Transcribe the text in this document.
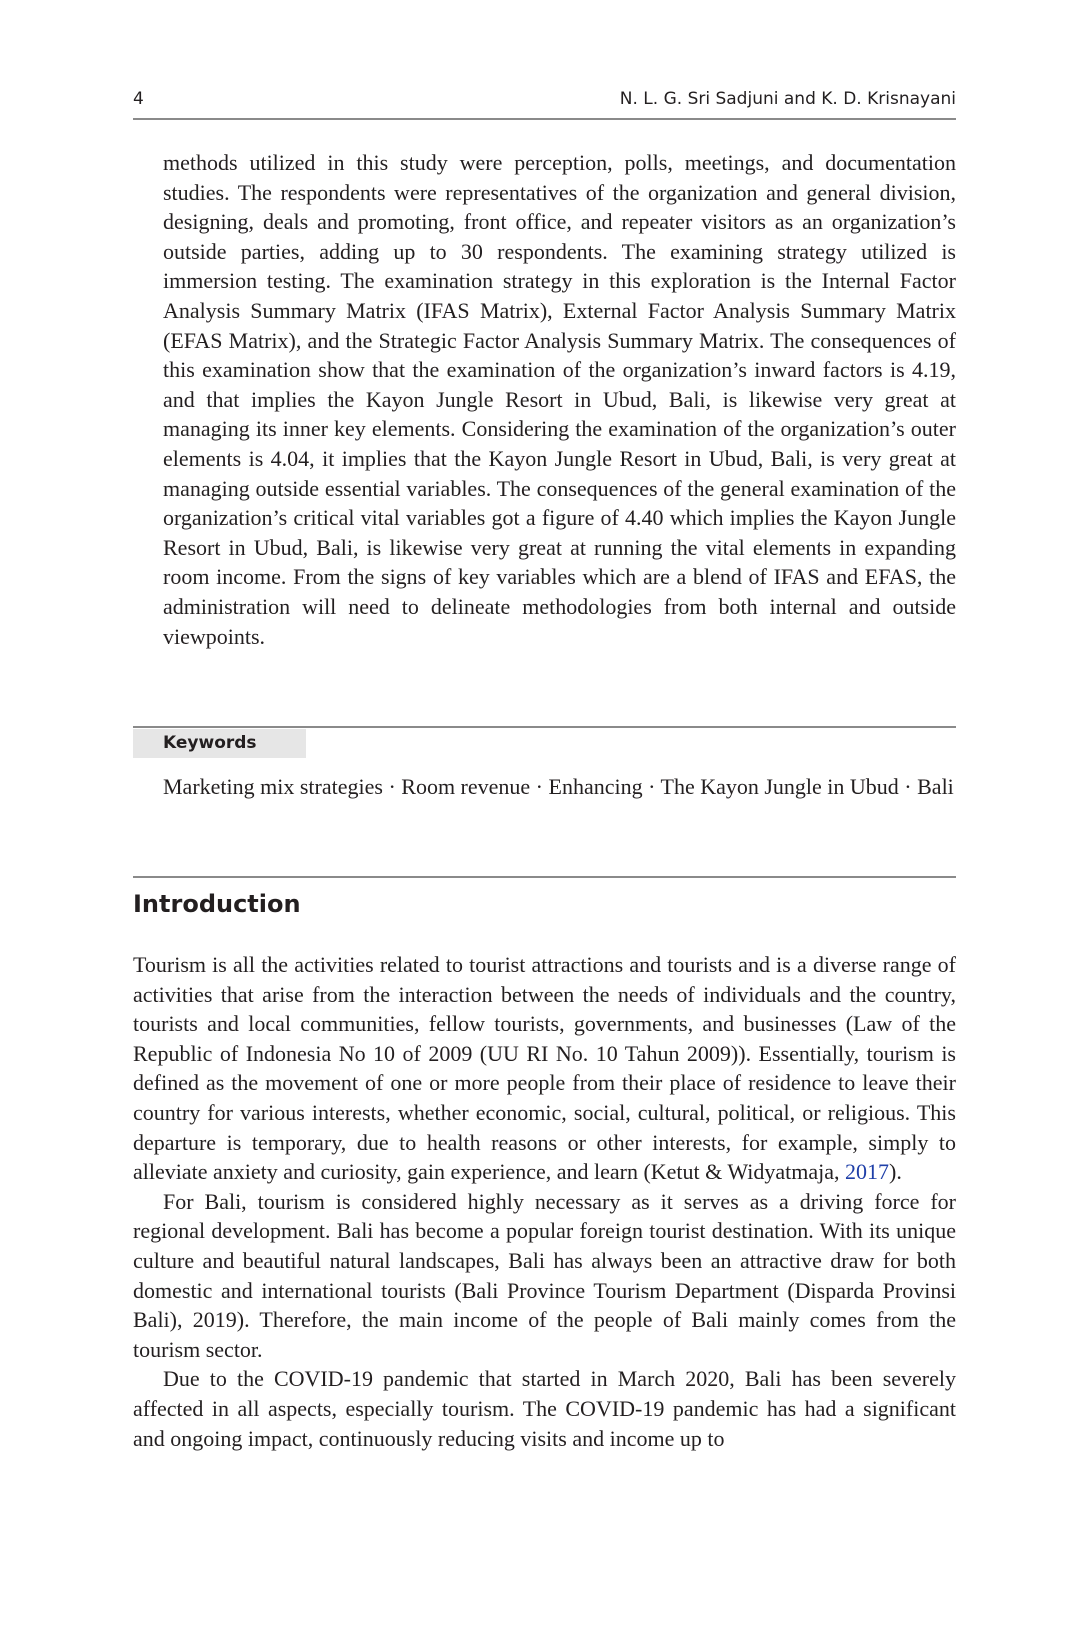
4	N. L. G. Sri Sadjuni and K. D. Krisnayani

methods utilized in this study were perception, polls, meetings, and documentation studies. The respondents were representatives of the organization and general division, designing, deals and promoting, front office, and repeater visitors as an organization’s outside parties, adding up to 30 respondents. The examining strategy utilized is immersion testing. The examination strategy in this exploration is the Internal Factor Analysis Summary Matrix (IFAS Matrix), External Factor Analysis Summary Matrix (EFAS Matrix), and the Strategic Factor Analysis Summary Matrix. The consequences of this examination show that the examination of the organization’s inward factors is 4.19, and that implies the Kayon Jungle Resort in Ubud, Bali, is likewise very great at managing its inner key elements. Considering the examination of the organization’s outer elements is 4.04, it implies that the Kayon Jungle Resort in Ubud, Bali, is very great at managing outside essential variables. The consequences of the general examination of the organization’s critical vital variables got a figure of 4.40 which implies the Kayon Jungle Resort in Ubud, Bali, is likewise very great at running the vital elements in expanding room income. From the signs of key variables which are a blend of IFAS and EFAS, the administration will need to delineate methodologies from both internal and outside viewpoints.

Keywords

Marketing mix strategies · Room revenue · Enhancing · The Kayon Jungle in Ubud · Bali

Introduction

Tourism is all the activities related to tourist attractions and tourists and is a diverse range of activities that arise from the interaction between the needs of individuals and the country, tourists and local communities, fellow tourists, governments, and businesses (Law of the Republic of Indonesia No 10 of 2009 (UU RI No. 10 Tahun 2009)). Essentially, tourism is defined as the movement of one or more people from their place of residence to leave their country for various interests, whether economic, social, cultural, political, or religious. This departure is temporary, due to health reasons or other interests, for example, simply to alleviate anxiety and curiosity, gain experience, and learn (Ketut & Widyatmaja, 2017).

For Bali, tourism is considered highly necessary as it serves as a driving force for regional development. Bali has become a popular foreign tourist destination. With its unique culture and beautiful natural landscapes, Bali has always been an attractive draw for both domestic and international tourists (Bali Province Tourism Department (Disparda Provinsi Bali), 2019). Therefore, the main income of the people of Bali mainly comes from the tourism sector.

Due to the COVID-19 pandemic that started in March 2020, Bali has been severely affected in all aspects, especially tourism. The COVID-19 pandemic has had a significant and ongoing impact, continuously reducing visits and income up to
